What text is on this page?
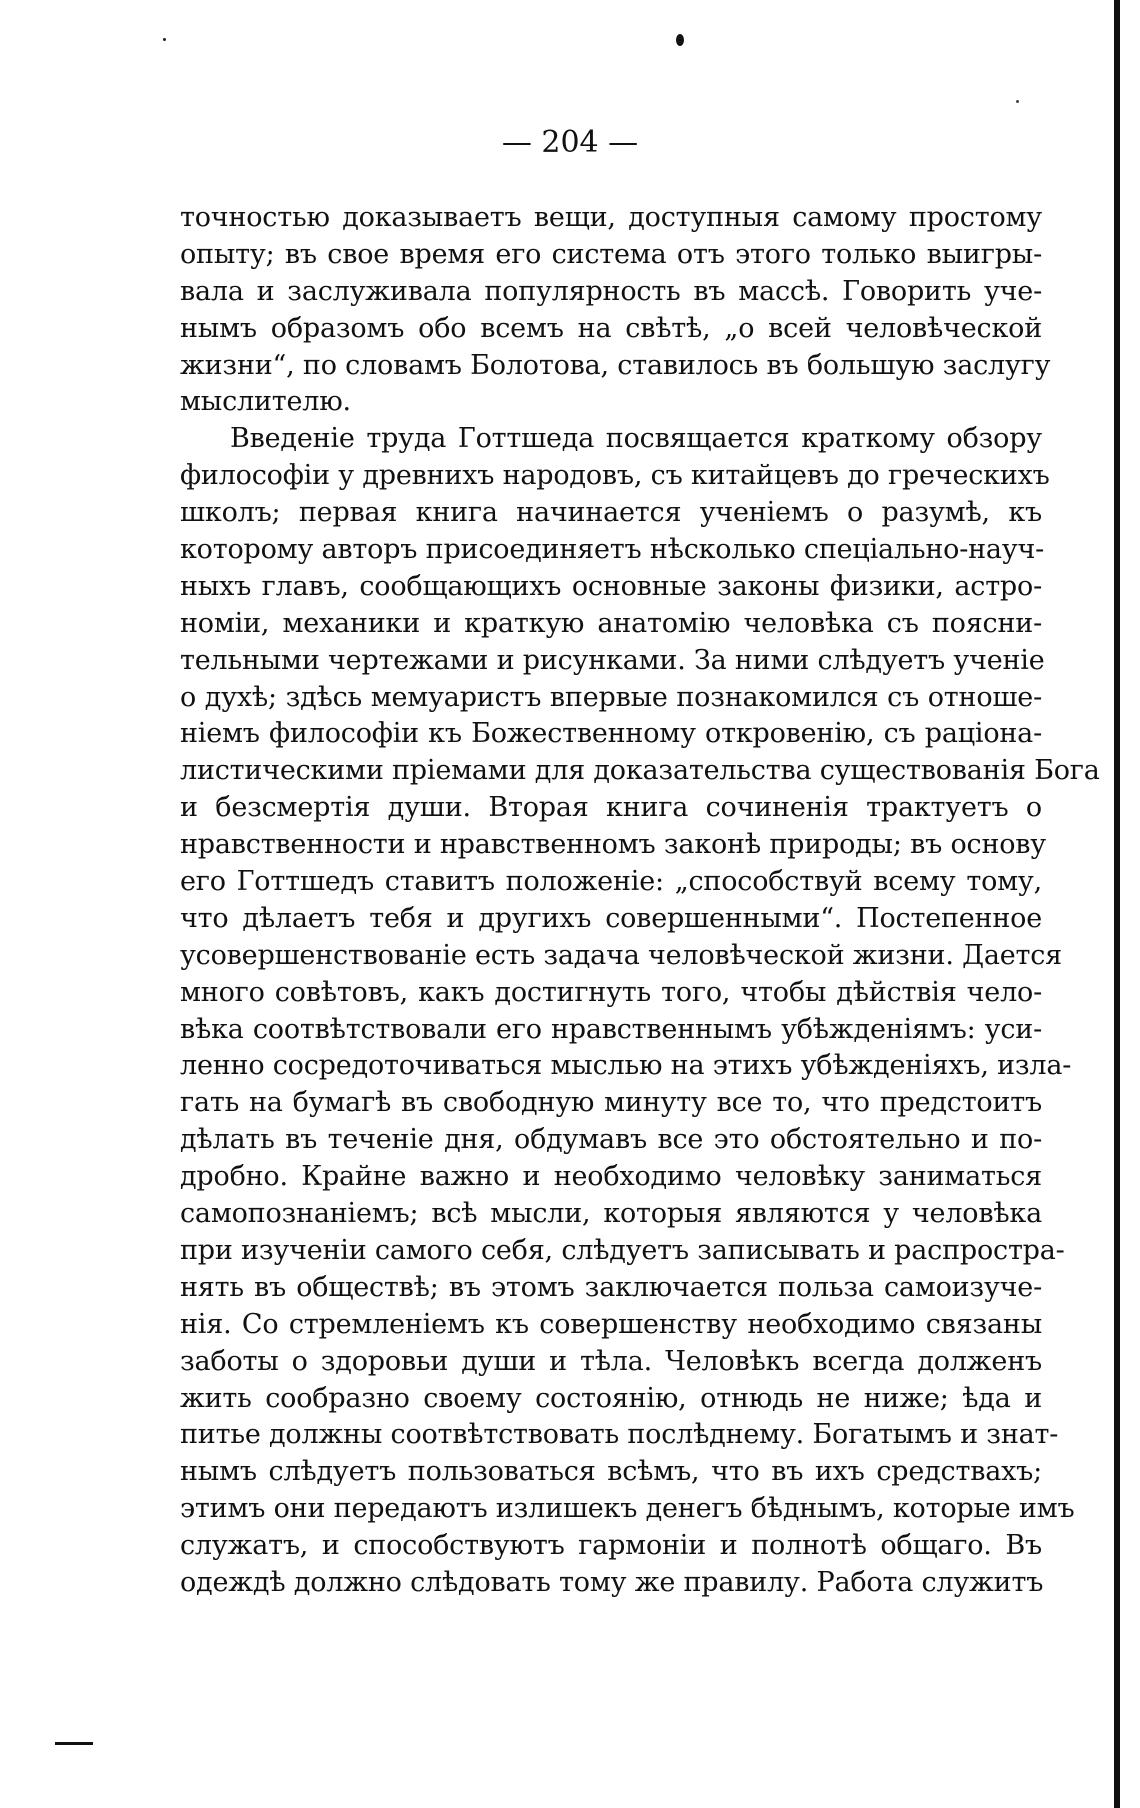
— 204 —
точностью доказываетъ вещи, доступныя самому простому
опыту; въ свое время его система отъ этого только выигры-
вала и заслуживала популярность въ массѣ. Говорить уче-
нымъ образомъ обо всемъ на свѣтѣ, „о всей человѣческой
жизни“, по словамъ Болотова, ставилось въ большую заслугу
мыслителю.
Введенiе труда Готтшеда посвящается краткому обзору
философiи у древнихъ народовъ, съ китайцевъ до греческихъ
школъ; первая книга начинается ученiемъ о разумѣ, къ
которому авторъ присоединяетъ нѣсколько спецiально-науч-
ныхъ главъ, сообщающихъ основные законы физики, астро-
номiи, механики и краткую анатомiю человѣка съ поясни-
тельными чертежами и рисунками. За ними слѣдуетъ ученiе
о духѣ; здѣсь мемуаристъ впервые познакомился съ отноше-
нiемъ философiи къ Божественному откровенiю, съ рацiона-
листическими прiемами для доказательства существованiя Бога
и безсмертiя души. Вторая книга сочиненiя трактуетъ о
нравственности и нравственномъ законѣ природы; въ основу
его Готтшедъ ставитъ положенiе: „способствуй всему тому,
что дѣлаетъ тебя и другихъ совершенными“. Постепенное
усовершенствованiе есть задача человѣческой жизни. Дается
много совѣтовъ, какъ достигнуть того, чтобы дѣйствiя чело-
вѣка соотвѣтствовали его нравственнымъ убѣжденiямъ: уси-
ленно сосредоточиваться мыслью на этихъ убѣжденiяхъ, изла-
гать на бумагѣ въ свободную минуту все то, что предстоитъ
дѣлать въ теченiе дня, обдумавъ все это обстоятельно и по-
дробно. Крайне важно и необходимо человѣку заниматься
самопознанiемъ; всѣ мысли, которыя являются у человѣка
при изученiи самого себя, слѣдуетъ записывать и распростра-
нять въ обществѣ; въ этомъ заключается польза самоизуче-
нiя. Со стремленiемъ къ совершенству необходимо связаны
заботы о здоровьи души и тѣла. Человѣкъ всегда долженъ
жить сообразно своему состоянiю, отнюдь не ниже; ѣда и
питье должны соотвѣтствовать послѣднему. Богатымъ и знат-
нымъ слѣдуетъ пользоваться всѣмъ, что въ ихъ средствахъ;
этимъ они передаютъ излишекъ денегъ бѣднымъ, которые имъ
служатъ, и способствуютъ гармонiи и полнотѣ общаго. Въ
одеждѣ должно слѣдовать тому же правилу. Работа служитъ
